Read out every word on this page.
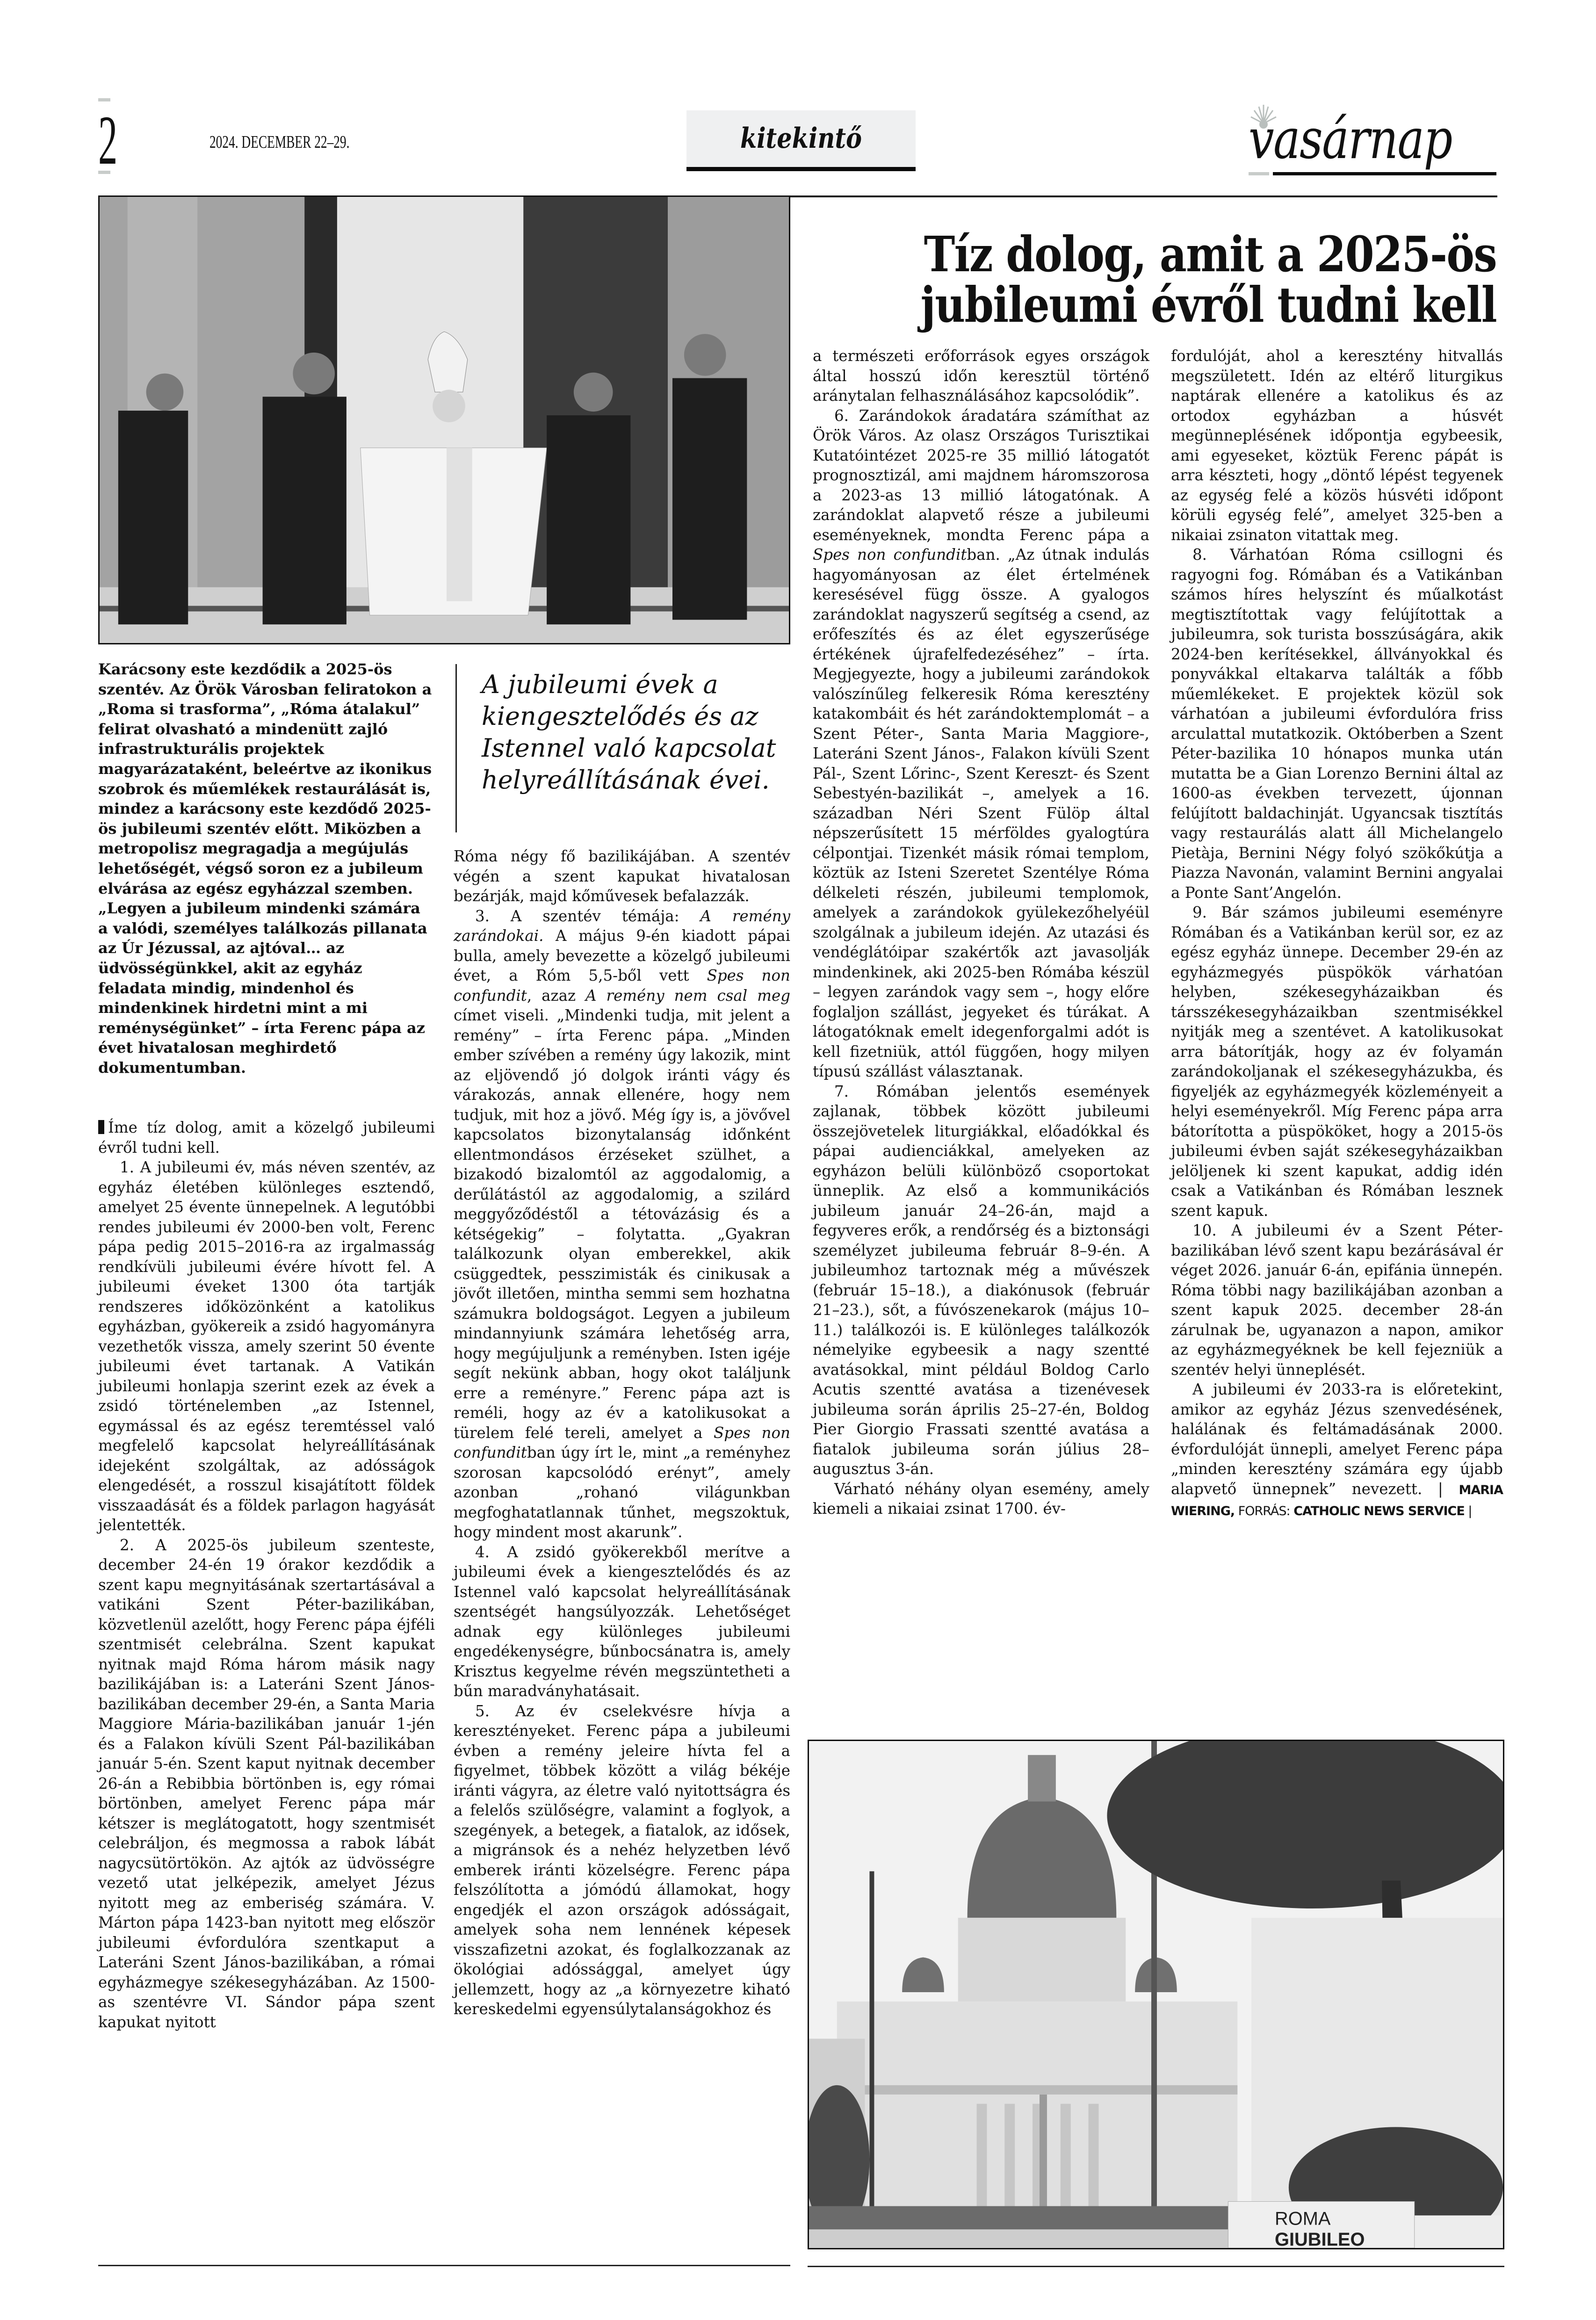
2	2024. DECEMBER 22–29.	kitekintő	vasárnap
Tíz dolog, amit a 2025-ös
jubileumi évről tudni kell
Karácsony este kezdődik a 2025-ös szentév. Az Örök Városban feliratokon a „Roma si trasforma”, „Róma átalakul” felirat olvasható a mindenütt zajló infrastrukturális projektek magyarázataként, beleértve az ikonikus szobrok és műemlékek restaurálását is, mindez a karácsony este kezdődő 2025-ös jubileumi szentév előtt. Miközben a metropolisz megragadja a megújulás lehetőségét, végső soron ez a jubileum elvárása az egész egyházzal szemben. „Legyen a jubileum mindenki számára a valódi, személyes találkozás pillanata az Úr Jézussal, az ajtóval… az üdvösségünkkel, akit az egyház feladata mindig, mindenhol és mindenkinek hirdetni mint a mi reménységünket” – írta Ferenc pápa az évet hivatalosan meghirdető dokumentumban.
A jubileumi évek a kiengesztelődés és az Istennel való kapcsolat helyreállításának évei.

Íme tíz dolog, amit a közelgő jubileumi évről tudni kell.

1. A jubileumi év, más néven szentév, az egyház életében különleges esztendő, amelyet 25 évente ünnepelnek. A legutóbbi rendes jubileumi év 2000-ben volt, Ferenc pápa pedig 2015–2016-ra az irgalmasság rendkívüli jubileumi évére hívott fel. A jubileumi éveket 1300 óta tartják rendszeres időközönként a katolikus egyházban, gyökereik a zsidó hagyományra vezethetők vissza, amely szerint 50 évente jubileumi évet tartanak. A Vatikán jubileumi honlapja szerint ezek az évek a zsidó történelemben „az Istennel, egymással és az egész teremtéssel való megfelelő kapcsolat helyreállításának idejeként szolgáltak, az adósságok elengedését, a rosszul kisajátított földek visszaadását és a földek parlagon hagyását jelentették.

2. A 2025-ös jubileum szenteste, december 24-én 19 órakor kezdődik a szent kapu megnyitásának szertartásával a vatikáni Szent Péter-bazilikában, közvetlenül azelőtt, hogy Ferenc pápa éjféli szentmisét celebrálna. Szent kapukat nyitnak majd Róma három másik nagy bazilikájában is: a Lateráni Szent János-bazilikában december 29-én, a Santa Maria Maggiore Mária-bazilikában január 1-jén és a Falakon kívüli Szent Pál-bazilikában január 5-én. Szent kaput nyitnak december 26-án a Rebibbia börtönben is, egy római börtönben, amelyet Ferenc pápa már kétszer is meglátogatott, hogy szentmisét celebráljon, és megmossa a rabok lábát nagycsütörtökön. Az ajtók az üdvösségre vezető utat jelképezik, amelyet Jézus nyitott meg az emberiség számára. V. Márton pápa 1423-ban nyitott meg először jubileumi évfordulóra szentkaput a Lateráni Szent János-bazilikában, a római egyházmegye székesegyházában. Az 1500-as szentévre VI. Sándor pápa szent kapukat nyitott

Róma négy fő bazilikájában. A szentév végén a szent kapukat hivatalosan bezárják, majd kőművesek befalazzák.

3. A szentév témája: A remény zarándokai. A május 9-én kiadott pápai bulla, amely bevezette a közelgő jubileumi évet, a Róm 5,5-ből vett Spes non confundit, azaz A remény nem csal meg címet viseli. „Mindenki tudja, mit jelent a remény” – írta Ferenc pápa. „Minden ember szívében a remény úgy lakozik, mint az eljövendő jó dolgok iránti vágy és várakozás, annak ellenére, hogy nem tudjuk, mit hoz a jövő. Még így is, a jövővel kapcsolatos bizonytalanság időnként ellentmondásos érzéseket szülhet, a bizakodó bizalomtól az aggodalomig, a derűlátástól az aggodalomig, a szilárd meggyőződéstől a tétovázásig és a kétségekig” – folytatta. „Gyakran találkozunk olyan emberekkel, akik csüggedtek, pesszimisták és cinikusak a jövőt illetően, mintha semmi sem hozhatna számukra boldogságot. Legyen a jubileum mindannyiunk számára lehetőség arra, hogy megújuljunk a reményben. Isten igéje segít nekünk abban, hogy okot találjunk erre a reményre.” Ferenc pápa azt is reméli, hogy az év a katolikusokat a türelem felé tereli, amelyet a Spes non confunditban úgy írt le, mint „a reményhez szorosan kapcsolódó erényt”, amely azonban „rohanó világunkban megfoghatatlannak tűnhet, megszoktuk, hogy mindent most akarunk”.

4. A zsidó gyökerekből merítve a jubileumi évek a kiengesztelődés és az Istennel való kapcsolat helyreállításának szentségét hangsúlyozzák. Lehetőséget adnak egy különleges jubileumi engedékenységre, bűnbocsánatra is, amely Krisztus kegyelme révén megszüntetheti a bűn maradványhatásait.

5. Az év cselekvésre hívja a keresztényeket. Ferenc pápa a jubileumi évben a remény jeleire hívta fel a figyelmet, többek között a világ békéje iránti vágyra, az életre való nyitottságra és a felelős szülőségre, valamint a foglyok, a szegények, a betegek, a fiatalok, az idősek, a migránsok és a nehéz helyzetben lévő emberek iránti közelségre. Ferenc pápa felszólította a jómódú államokat, hogy engedjék el azon országok adósságait, amelyek soha nem lennének képesek visszafizetni azokat, és foglalkozzanak az ökológiai adóssággal, amelyet úgy jellemzett, hogy az „a környezetre kiható kereskedelmi egyensúlytalanságokhoz és

a természeti erőforrások egyes országok által hosszú időn keresztül történő aránytalan felhasználásához kapcsolódik”.

6. Zarándokok áradatára számíthat az Örök Város. Az olasz Országos Turisztikai Kutatóintézet 2025-re 35 millió látogatót prognosztizál, ami majdnem háromszorosa a 2023-as 13 millió látogatónak. A zarándoklat alapvető része a jubileumi eseményeknek, mondta Ferenc pápa a Spes non confunditban. „Az útnak indulás hagyományosan az élet értelmének keresésével függ össze. A gyalogos zarándoklat nagyszerű segítség a csend, az erőfeszítés és az élet egyszerűsége értékének újrafelfedezéséhez” – írta. Megjegyezte, hogy a jubileumi zarándokok valószínűleg felkeresik Róma keresztény katakombáit és hét zarándoktemplomát – a Szent Péter-, Santa Maria Maggiore-, Lateráni Szent János-, Falakon kívüli Szent Pál-, Szent Lőrinc-, Szent Kereszt- és Szent Sebestyén-bazilikát –, amelyek a 16. században Néri Szent Fülöp által népszerűsített 15 mérföldes gyalogtúra célpontjai. Tizenkét másik római templom, köztük az Isteni Szeretet Szentélye Róma délkeleti részén, jubileumi templomok, amelyek a zarándokok gyülekezőhelyéül szolgálnak a jubileum idején. Az utazási és vendéglátóipar szakértők azt javasolják mindenkinek, aki 2025-ben Rómába készül – legyen zarándok vagy sem –, hogy előre foglaljon szállást, jegyeket és túrákat. A látogatóknak emelt idegenforgalmi adót is kell fizetniük, attól függően, hogy milyen típusú szállást választanak.

7. Rómában jelentős események zajlanak, többek között jubileumi összejövetelek liturgiákkal, előadókkal és pápai audienciákkal, amelyeken az egyházon belüli különböző csoportokat ünneplik. Az első a kommunikációs jubileum január 24–26-án, majd a fegyveres erők, a rendőrség és a biztonsági személyzet jubileuma február 8–9-én. A jubileumhoz tartoznak még a művészek (február 15–18.), a diakónusok (február 21–23.), sőt, a fúvószenekarok (május 10–11.) találkozói is. E különleges találkozók némelyike egybeesik a nagy szentté avatásokkal, mint például Boldog Carlo Acutis szentté avatása a tizenévesek jubileuma során április 25–27-én, Boldog Pier Giorgio Frassati szentté avatása a fiatalok jubileuma során július 28–augusztus 3-án.

Várható néhány olyan esemény, amely kiemeli a nikaiai zsinat 1700. év-

fordulóját, ahol a keresztény hitvallás megszületett. Idén az eltérő liturgikus naptárak ellenére a katolikus és az ortodox egyházban a húsvét megünneplésének időpontja egybeesik, ami egyeseket, köztük Ferenc pápát is arra készteti, hogy „döntő lépést tegyenek az egység felé a közös húsvéti időpont körüli egység felé”, amelyet 325-ben a nikaiai zsinaton vitattak meg.

8. Várhatóan Róma csillogni és ragyogni fog. Rómában és a Vatikánban számos híres helyszínt és műalkotást megtisztítottak vagy felújítottak a jubileumra, sok turista bosszúságára, akik 2024-ben kerítésekkel, állványokkal és ponyvákkal eltakarva találták a főbb műemlékeket. E projektek közül sok várhatóan a jubileumi évfordulóra friss arculattal mutatkozik. Októberben a Szent Péter-bazilika 10 hónapos munka után mutatta be a Gian Lorenzo Bernini által az 1600-as években tervezett, újonnan felújított baldachinját. Ugyancsak tisztítás vagy restaurálás alatt áll Michelangelo Pietàja, Bernini Négy folyó szökőkútja a Piazza Navonán, valamint Bernini angyalai a Ponte Sant’Angelón.

9. Bár számos jubileumi eseményre Rómában és a Vatikánban kerül sor, ez az egész egyház ünnepe. December 29-én az egyházmegyés püspökök várhatóan helyben, székesegyházaikban és társszékesegyházaikban szentmisékkel nyitják meg a szentévet. A katolikusokat arra bátorítják, hogy az év folyamán zarándokoljanak el székesegyházukba, és figyeljék az egyházmegyék közleményeit a helyi eseményekről. Míg Ferenc pápa arra bátorította a püspököket, hogy a 2015-ös jubileumi évben saját székesegyházaikban jelöljenek ki szent kapukat, addig idén csak a Vatikánban és Rómában lesznek szent kapuk.

10. A jubileumi év a Szent Péter-bazilikában lévő szent kapu bezárásával ér véget 2026. január 6-án, epifánia ünnepén. Róma többi nagy bazilikájában azonban a szent kapuk 2025. december 28-án zárulnak be, ugyanazon a napon, amikor az egyházmegyéknek be kell fejezniük a szentév helyi ünneplését.

A jubileumi év 2033-ra is előretekint, amikor az egyház Jézus szenvedésének, halálának és feltámadásának 2000. évfordulóját ünnepli, amelyet Ferenc pápa „minden keresztény számára egy újabb alapvető ünnepnek” nevezett. | MARIA WIERING, FORRÁS: CATHOLIC NEWS SERVICE |

ROMA
GIUBILEO
